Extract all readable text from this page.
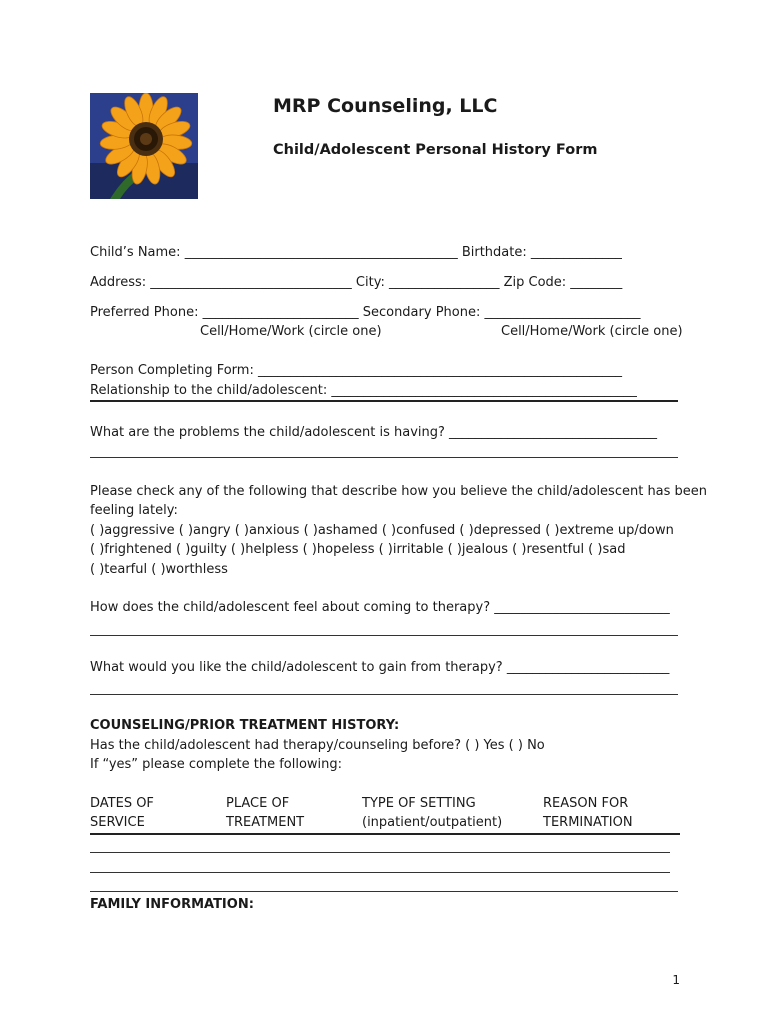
MRP Counseling, LLC
Child/Adolescent Personal History Form
Child’s Name: __________________________________________ Birthdate: ______________
Address: _______________________________ City: _________________ Zip Code: ________
Preferred Phone: ________________________ Secondary Phone: ________________________
Cell/Home/Work (circle one)	Cell/Home/Work (circle one)
Person Completing Form: ________________________________________________________
Relationship to the child/adolescent: _______________________________________________
What are the problems the child/adolescent is having? ________________________________
Please check any of the following that describe how you believe the child/adolescent has been
feeling lately:
( )aggressive ( )angry ( )anxious ( )ashamed ( )confused ( )depressed ( )extreme up/down
( )frightened ( )guilty ( )helpless ( )hopeless ( )irritable ( )jealous ( )resentful ( )sad
( )tearful ( )worthless
How does the child/adolescent feel about coming to therapy? ___________________________
What would you like the child/adolescent to gain from therapy? _________________________
COUNSELING/PRIOR TREATMENT HISTORY:
Has the child/adolescent had therapy/counseling before? ( ) Yes ( ) No
If “yes” please complete the following:
DATES OF
SERVICE
PLACE OF
TREATMENT
TYPE OF SETTING
(inpatient/outpatient)
REASON FOR
TERMINATION
FAMILY INFORMATION:
1
